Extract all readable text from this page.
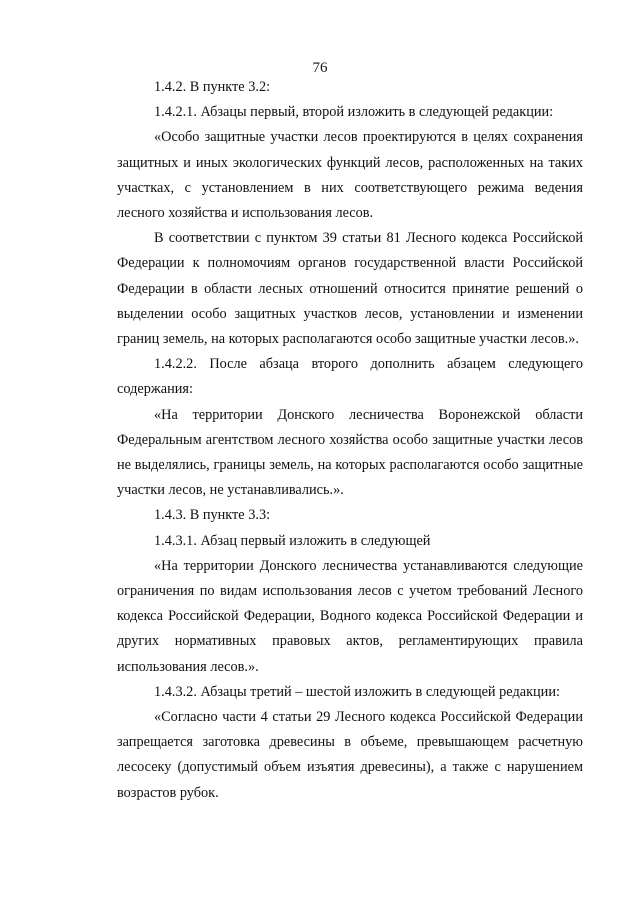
76

1.4.2. В пункте 3.2:

1.4.2.1. Абзацы первый, второй изложить в следующей редакции:

«Особо защитные участки лесов проектируются в целях сохранения защитных и иных экологических функций лесов, расположенных на таких участках, с установлением в них соответствующего режима ведения лесного хозяйства и использования лесов.

В соответствии с пунктом 39 статьи 81 Лесного кодекса Российской Федерации к полномочиям органов государственной власти Российской Федерации в области лесных отношений относится принятие решений о выделении особо защитных участков лесов, установлении и изменении границ земель, на которых располагаются особо защитные участки лесов.».

1.4.2.2. После абзаца второго дополнить абзацем следующего содержания:

«На территории Донского лесничества Воронежской области Федеральным агентством лесного хозяйства особо защитные участки лесов не выделялись, границы земель, на которых располагаются особо защитные участки лесов, не устанавливались.».

1.4.3. В пункте 3.3:

1.4.3.1. Абзац первый изложить в следующей

«На территории Донского лесничества устанавливаются следующие ограничения по видам использования лесов с учетом требований Лесного кодекса Российской Федерации, Водного кодекса Российской Федерации и других нормативных правовых актов, регламентирующих правила использования лесов.».

1.4.3.2. Абзацы третий – шестой изложить в следующей редакции:

«Согласно части 4 статьи 29 Лесного кодекса Российской Федерации запрещается заготовка древесины в объеме, превышающем расчетную лесосеку (допустимый объем изъятия древесины), а также с нарушением возрастов рубок.
